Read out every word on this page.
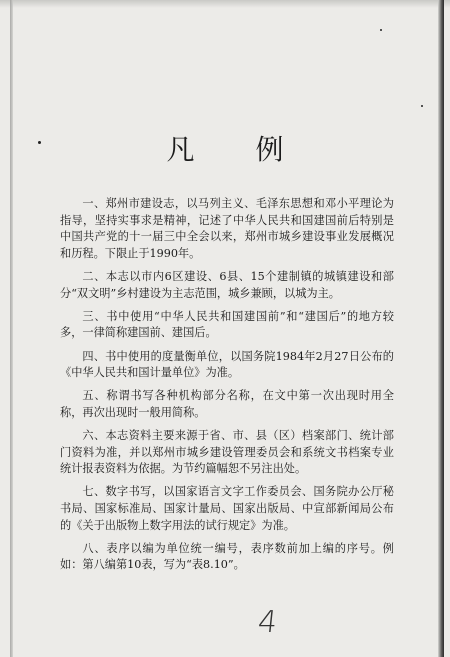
凡 例

一、郑州市建设志，以马列主义、毛泽东思想和邓小平理论为指导，坚持实事求是精神，记述了中华人民共和国建国前后特别是中国共产党的十一届三中全会以来，郑州市城乡建设事业发展概况和历程。下限止于1990年。

二、本志以市内6区建设、6县、15个建制镇的城镇建设和部分“双文明”乡村建设为主志范围，城乡兼顾，以城为主。

三、书中使用“中华人民共和国建国前”和“建国后”的地方较多，一律简称建国前、建国后。

四、书中使用的度量衡单位，以国务院1984年2月27日公布的《中华人民共和国计量单位》为准。

五、称谓书写各种机构部分名称，在文中第一次出现时用全称，再次出现时一般用简称。

六、本志资料主要来源于省、市、县（区）档案部门、统计部门资料为准，并以郑州市城乡建设管理委员会和系统文书档案专业统计报表资料为依据。为节约篇幅恕不另注出处。

七、数字书写，以国家语言文字工作委员会、国务院办公厅秘书局、国家标准局、国家计量局、国家出版局、中宣部新闻局公布的《关于出版物上数字用法的试行规定》为准。

八、表序以编为单位统一编号，表序数前加上编的序号。例如：第八编第10表，写为“表8.10”。

4
